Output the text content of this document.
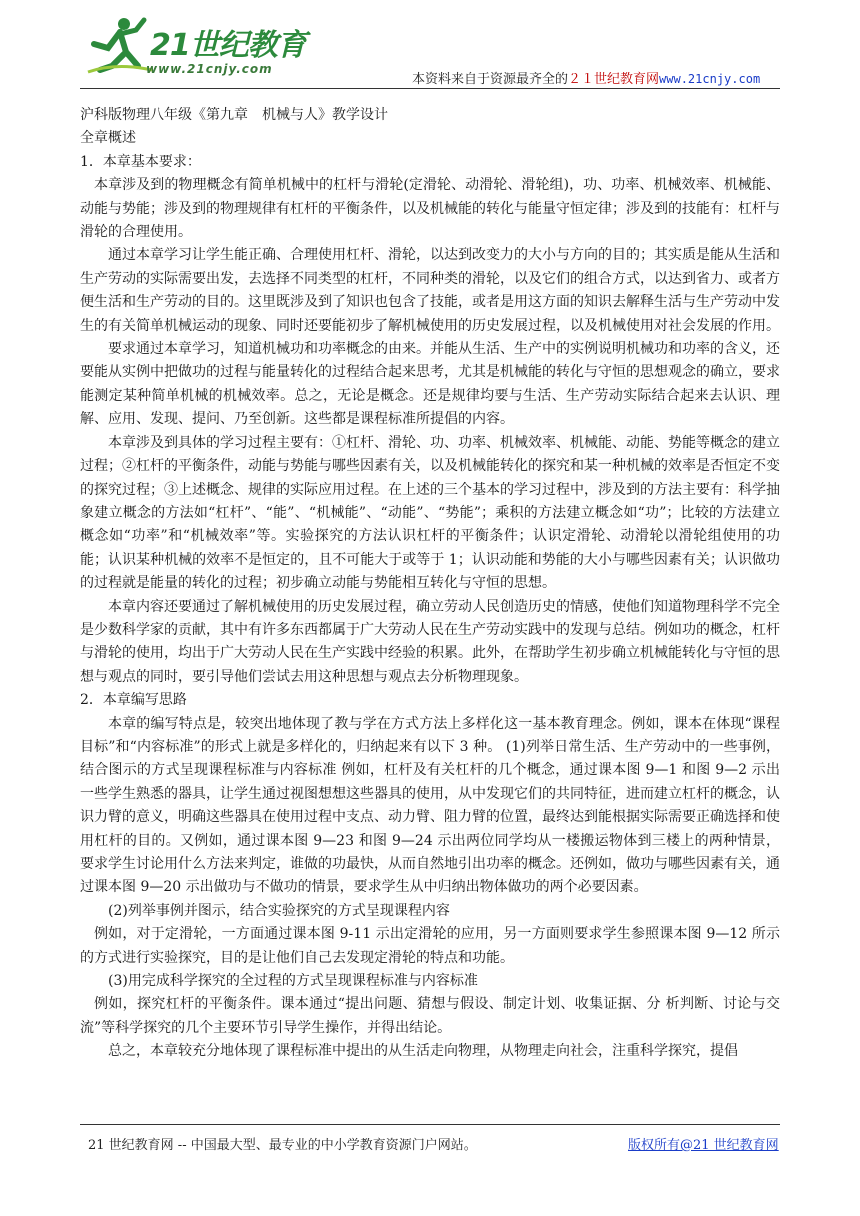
21世纪教育
www.21cnjy.com
本资料来自于资源最齐全的２１世纪教育网www.21cnjy.com

沪科版物理八年级《第九章　机械与人》教学设计

全章概述

1．本章基本要求：

本章涉及到的物理概念有简单机械中的杠杆与滑轮(定滑轮、动滑轮、滑轮组)，功、功率、机械效率、机械能、动能与势能；涉及到的物理规律有杠杆的平衡条件，以及机械能的转化与能量守恒定律；涉及到的技能有：杠杆与滑轮的合理使用。

通过本章学习让学生能正确、合理使用杠杆、滑轮，以达到改变力的大小与方向的目的；其实质是能从生活和生产劳动的实际需要出发，去选择不同类型的杠杆，不同种类的滑轮，以及它们的组合方式，以达到省力、或者方便生活和生产劳动的目的。这里既涉及到了知识也包含了技能，或者是用这方面的知识去解释生活与生产劳动中发生的有关简单机械运动的现象、同时还要能初步了解机械使用的历史发展过程，以及机械使用对社会发展的作用。

要求通过本章学习，知道机械功和功率概念的由来。并能从生活、生产中的实例说明机械功和功率的含义，还要能从实例中把做功的过程与能量转化的过程结合起来思考，尤其是机械能的转化与守恒的思想观念的确立，要求能测定某种简单机械的机械效率。总之，无论是概念。还是规律均要与生活、生产劳动实际结合起来去认识、理解、应用、发现、提问、乃至创新。这些都是课程标准所提倡的内容。

本章涉及到具体的学习过程主要有：①杠杆、滑轮、功、功率、机械效率、机械能、动能、势能等概念的建立过程；②杠杆的平衡条件，动能与势能与哪些因素有关，以及机械能转化的探究和某一种机械的效率是否恒定不变的探究过程；③上述概念、规律的实际应用过程。在上述的三个基本的学习过程中，涉及到的方法主要有：科学抽象建立概念的方法如“杠杆”、“能”、“机械能”、“动能”、“势能”；乘积的方法建立概念如“功”；比较的方法建立概念如“功率”和“机械效率”等。实验探究的方法认识杠杆的平衡条件；认识定滑轮、动滑轮以滑轮组使用的功能；认识某种机械的效率不是恒定的，且不可能大于或等于 1；认识动能和势能的大小与哪些因素有关；认识做功的过程就是能量的转化的过程；初步确立动能与势能相互转化与守恒的思想。

本章内容还要通过了解机械使用的历史发展过程，确立劳动人民创造历史的情感，使他们知道物理科学不完全是少数科学家的贡献，其中有许多东西都属于广大劳动人民在生产劳动实践中的发现与总结。例如功的概念，杠杆与滑轮的使用，均出于广大劳动人民在生产实践中经验的积累。此外，在帮助学生初步确立机械能转化与守恒的思想与观点的同时，要引导他们尝试去用这种思想与观点去分析物理现象。

2．本章编写思路

本章的编写特点是，较突出地体现了教与学在方式方法上多样化这一基本教育理念。例如，课本在体现“课程目标”和“内容标准”的形式上就是多样化的，归纳起来有以下 3 种。 (1)列举日常生活、生产劳动中的一些事例，结合图示的方式呈现课程标准与内容标准 例如，杠杆及有关杠杆的几个概念，通过课本图 9—1 和图 9—2 示出一些学生熟悉的器具，让学生通过视图想想这些器具的使用，从中发现它们的共同特征，进而建立杠杆的概念，认识力臂的意义，明确这些器具在使用过程中支点、动力臂、阻力臂的位置，最终达到能根据实际需要正确选择和使用杠杆的目的。又例如，通过课本图 9—23 和图 9—24 示出两位同学均从一楼搬运物体到三楼上的两种情景，要求学生讨论用什么方法来判定，谁做的功最快，从而自然地引出功率的概念。还例如，做功与哪些因素有关，通过课本图 9—20 示出做功与不做功的情景，要求学生从中归纳出物体做功的两个必要因素。

(2)列举事例并图示，结合实验探究的方式呈现课程内容

例如，对于定滑轮，一方面通过课本图 9-11 示出定滑轮的应用，另一方面则要求学生参照课本图 9—12 所示的方式进行实验探究，目的是让他们自己去发现定滑轮的特点和功能。

(3)用完成科学探究的全过程的方式呈现课程标准与内容标准

例如，探究杠杆的平衡条件。课本通过“提出问题、猜想与假设、制定计划、收集证据、分 析判断、讨论与交流”等科学探究的几个主要环节引导学生操作，并得出结论。

总之，本章较充分地体现了课程标准中提出的从生活走向物理，从物理走向社会，注重科学探究，提倡

21 世纪教育网 -- 中国最大型、最专业的中小学教育资源门户网站。	版权所有@21 世纪教育网
